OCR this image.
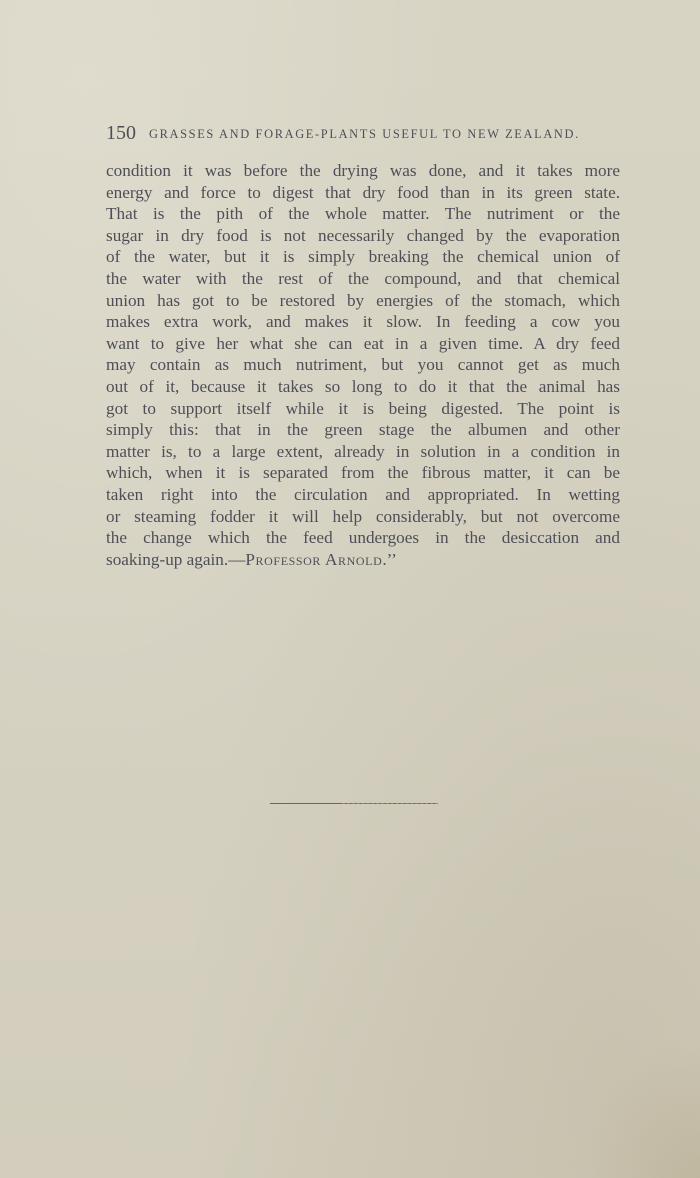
150 GRASSES AND FORAGE-PLANTS USEFUL TO NEW ZEALAND.
condition it was before the drying was done, and it takes more
energy and force to digest that dry food than in its green state.
That is the pith of the whole matter. The nutriment or the
sugar in dry food is not necessarily changed by the evaporation
of the water, but it is simply breaking the chemical union of
the water with the rest of the compound, and that chemical
union has got to be restored by energies of the stomach, which
makes extra work, and makes it slow. In feeding a cow you
want to give her what she can eat in a given time. A dry feed
may contain as much nutriment, but you cannot get as much
out of it, because it takes so long to do it that the animal has
got to support itself while it is being digested. The point is
simply this: that in the green stage the albumen and other
matter is, to a large extent, already in solution in a condition in
which, when it is separated from the fibrous matter, it can be
taken right into the circulation and appropriated. In wetting
or steaming fodder it will help considerably, but not overcome
the change which the feed undergoes in the desiccation and
soaking-up again.—Professor Arnold.’’
